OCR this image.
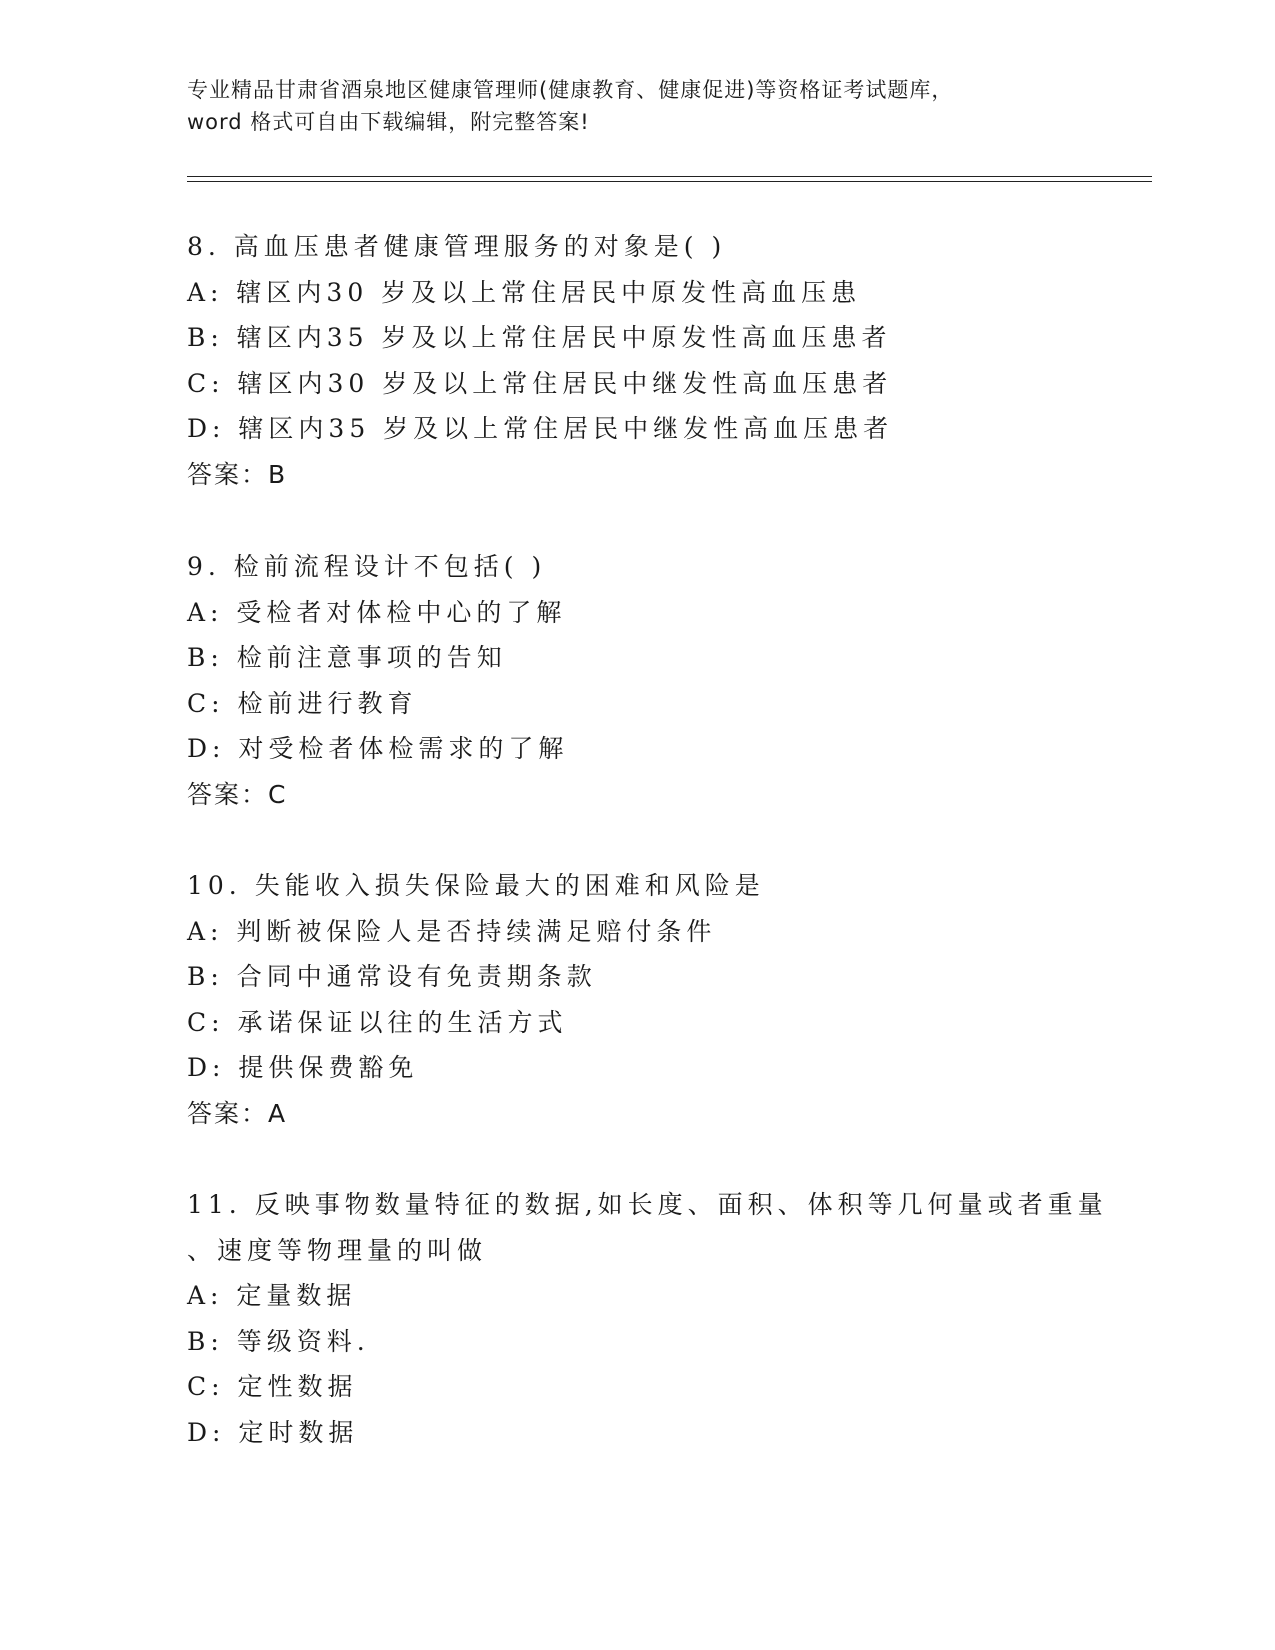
专业精品甘肃省酒泉地区健康管理师(健康教育、健康促进)等资格证考试题库，
word 格式可自由下载编辑，附完整答案!
8. 高血压患者健康管理服务的对象是( )
A: 辖区内30 岁及以上常住居民中原发性高血压患
B: 辖区内35 岁及以上常住居民中原发性高血压患者
C: 辖区内30 岁及以上常住居民中继发性高血压患者
D: 辖区内35 岁及以上常住居民中继发性高血压患者
答案：B
9. 检前流程设计不包括( )
A: 受检者对体检中心的了解
B: 检前注意事项的告知
C: 检前进行教育
D: 对受检者体检需求的了解
答案：C
10. 失能收入损失保险最大的困难和风险是
A: 判断被保险人是否持续满足赔付条件
B: 合同中通常设有免责期条款
C: 承诺保证以往的生活方式
D: 提供保费豁免
答案：A
11. 反映事物数量特征的数据,如长度、面积、体积等几何量或者重量
、速度等物理量的叫做
A: 定量数据
B: 等级资料.
C: 定性数据
D: 定时数据
